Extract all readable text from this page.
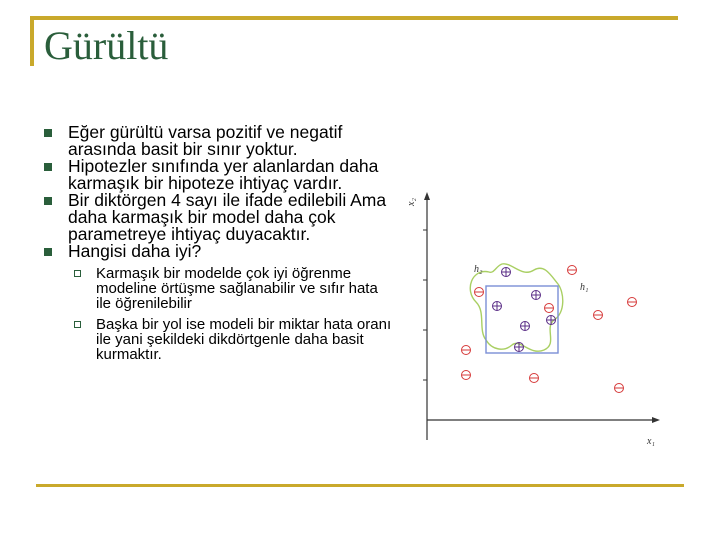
Gürültü
Eğer gürültü varsa pozitif ve negatif arasında basit bir sınır yoktur.
Hipotezler sınıfında yer alanlardan daha karmaşık bir hipoteze ihtiyaç vardır.
Bir diktörgen 4 sayı ile ifade edilebili Ama daha karmaşık bir model daha çok parametreye ihtiyaç duyacaktır.
Hangisi daha iyi?
Karmaşık bir modelde çok iyi öğrenme modeline örtüşme sağlanabilir ve sıfır hata ile öğrenilebilir
Başka bir yol ise modeli bir miktar hata oranı ile yani şekildeki dikdörtgenle daha basit kurmaktır.
x₂
x₁
h₂
h₁
